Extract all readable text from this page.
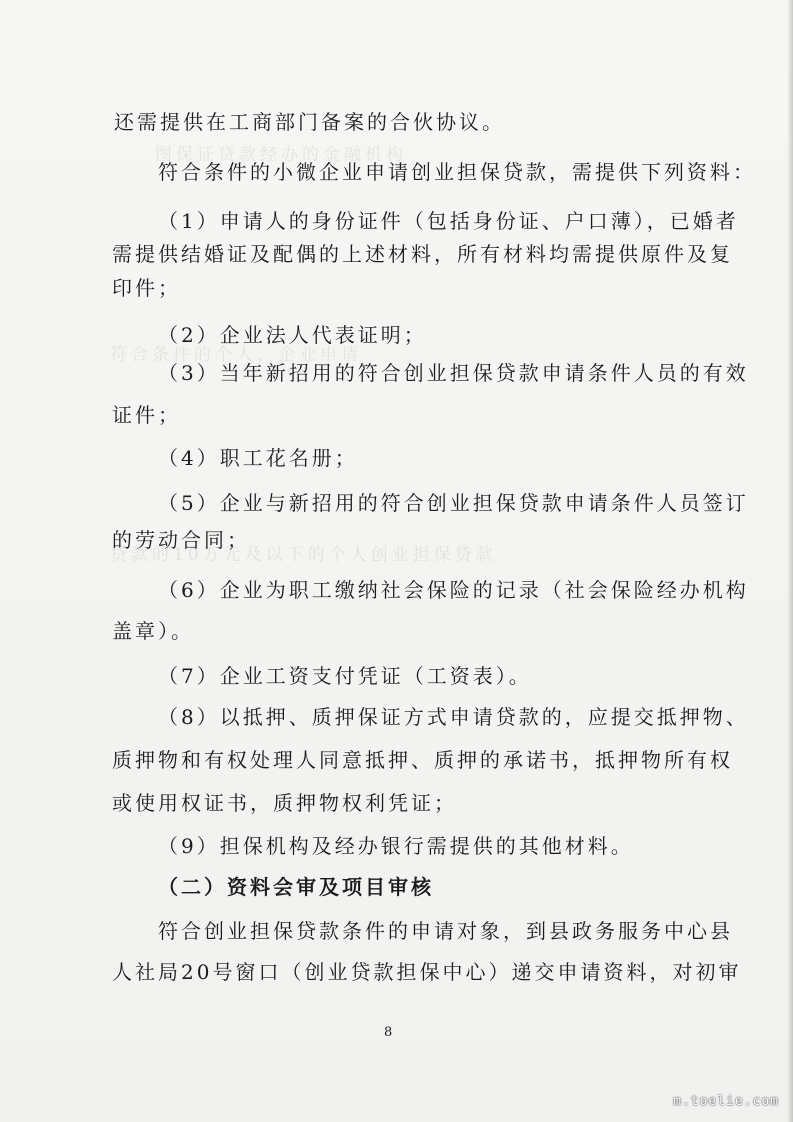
图保证贷款经办的金融机构
符合条件的个人，企业申请
贷款的10万元及以下的个人创业担保贷款
还需提供在工商部门备案的合伙协议。
符合条件的小微企业申请创业担保贷款，需提供下列资料：
（1）申请人的身份证件（包括身份证、户口薄），已婚者
需提供结婚证及配偶的上述材料，所有材料均需提供原件及复
印件；
（2）企业法人代表证明；
（3）当年新招用的符合创业担保贷款申请条件人员的有效
证件；
（4）职工花名册；
（5）企业与新招用的符合创业担保贷款申请条件人员签订
的劳动合同；
（6）企业为职工缴纳社会保险的记录（社会保险经办机构
盖章）。
（7）企业工资支付凭证（工资表）。
（8）以抵押、质押保证方式申请贷款的，应提交抵押物、
质押物和有权处理人同意抵押、质押的承诺书，抵押物所有权
或使用权证书，质押物权利凭证；
（9）担保机构及经办银行需提供的其他材料。
（二）资料会审及项目审核
符合创业担保贷款条件的申请对象，到县政务服务中心县
人社局20号窗口（创业贷款担保中心）递交申请资料，对初审
8
m.toelie.com
